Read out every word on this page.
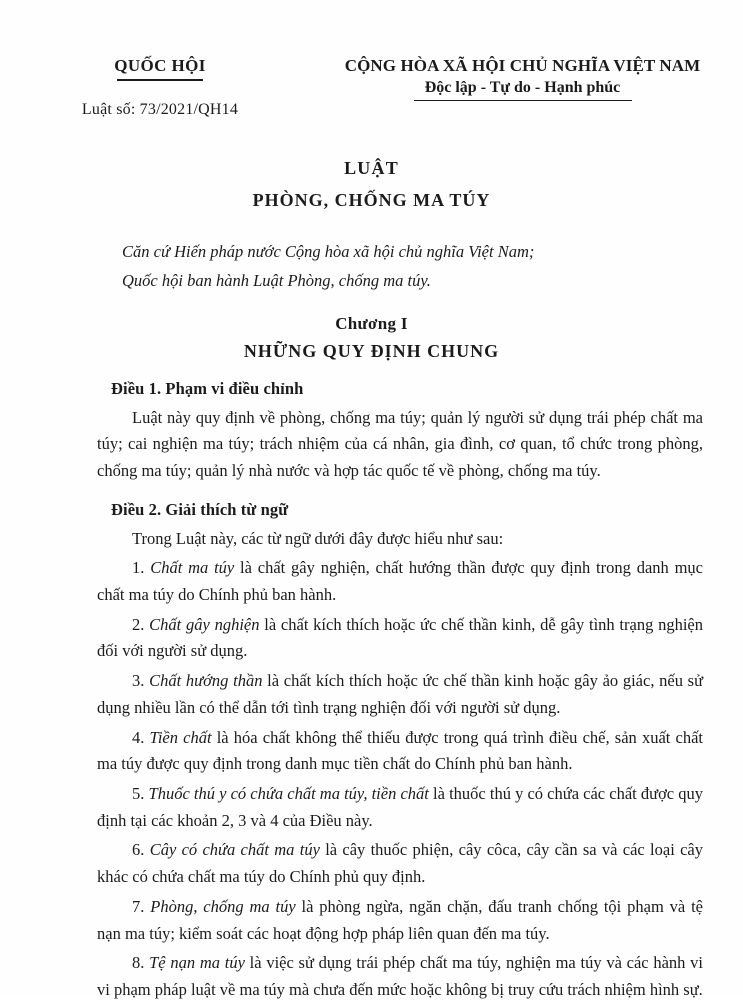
QUỐC HỘI
Luật số: 73/2021/QH14
CỘNG HÒA XÃ HỘI CHỦ NGHĨA VIỆT NAM
Độc lập - Tự do - Hạnh phúc
LUẬT
PHÒNG, CHỐNG MA TÚY

Căn cứ Hiến pháp nước Cộng hòa xã hội chủ nghĩa Việt Nam;

Quốc hội ban hành Luật Phòng, chống ma túy.

Chương I
NHỮNG QUY ĐỊNH CHUNG
Điều 1. Phạm vi điều chỉnh

Luật này quy định về phòng, chống ma túy; quản lý người sử dụng trái phép chất ma túy; cai nghiện ma túy; trách nhiệm của cá nhân, gia đình, cơ quan, tổ chức trong phòng, chống ma túy; quản lý nhà nước và hợp tác quốc tế về phòng, chống ma túy.

Điều 2. Giải thích từ ngữ

Trong Luật này, các từ ngữ dưới đây được hiểu như sau:

1. Chất ma túy là chất gây nghiện, chất hướng thần được quy định trong danh mục chất ma túy do Chính phủ ban hành.

2. Chất gây nghiện là chất kích thích hoặc ức chế thần kinh, dễ gây tình trạng nghiện đối với người sử dụng.

3. Chất hướng thần là chất kích thích hoặc ức chế thần kinh hoặc gây ảo giác, nếu sử dụng nhiều lần có thể dẫn tới tình trạng nghiện đối với người sử dụng.

4. Tiền chất là hóa chất không thể thiếu được trong quá trình điều chế, sản xuất chất ma túy được quy định trong danh mục tiền chất do Chính phủ ban hành.

5. Thuốc thú y có chứa chất ma túy, tiền chất là thuốc thú y có chứa các chất được quy định tại các khoản 2, 3 và 4 của Điều này.

6. Cây có chứa chất ma túy là cây thuốc phiện, cây côca, cây cần sa và các loại cây khác có chứa chất ma túy do Chính phủ quy định.

7. Phòng, chống ma túy là phòng ngừa, ngăn chặn, đấu tranh chống tội phạm và tệ nạn ma túy; kiểm soát các hoạt động hợp pháp liên quan đến ma túy.

8. Tệ nạn ma túy là việc sử dụng trái phép chất ma túy, nghiện ma túy và các hành vi vi phạm pháp luật về ma túy mà chưa đến mức hoặc không bị truy cứu trách nhiệm hình sự.
